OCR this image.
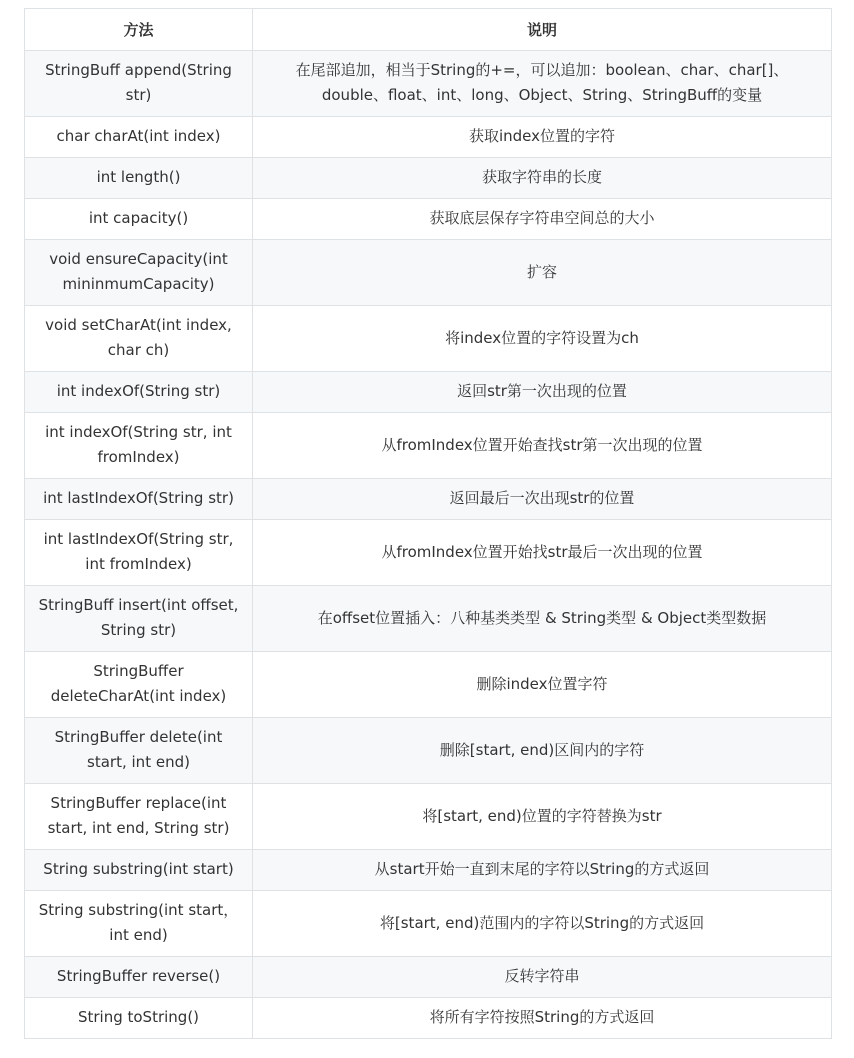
方法	说明
StringBuff append(String str)	在尾部追加，相当于String的+=，可以追加：boolean、char、char[]、double、float、int、long、Object、String、StringBuff的变量
char charAt(int index)	获取index位置的字符
int length()	获取字符串的长度
int capacity()	获取底层保存字符串空间总的大小
void ensureCapacity(int mininmumCapacity)	扩容
void setCharAt(int index, char ch)	将index位置的字符设置为ch
int indexOf(String str)	返回str第一次出现的位置
int indexOf(String str, int fromIndex)	从fromIndex位置开始查找str第一次出现的位置
int lastIndexOf(String str)	返回最后一次出现str的位置
int lastIndexOf(String str, int fromIndex)	从fromIndex位置开始找str最后一次出现的位置
StringBuff insert(int offset, String str)	在offset位置插入：八种基类类型 & String类型 & Object类型数据
StringBuffer deleteCharAt(int index)	删除index位置字符
StringBuffer delete(int start, int end)	删除[start, end)区间内的字符
StringBuffer replace(int start, int end, String str)	将[start, end)位置的字符替换为str
String substring(int start)	从start开始一直到末尾的字符以String的方式返回
String substring(int start，int end)	将[start, end)范围内的字符以String的方式返回
StringBuffer reverse()	反转字符串
String toString()	将所有字符按照String的方式返回
